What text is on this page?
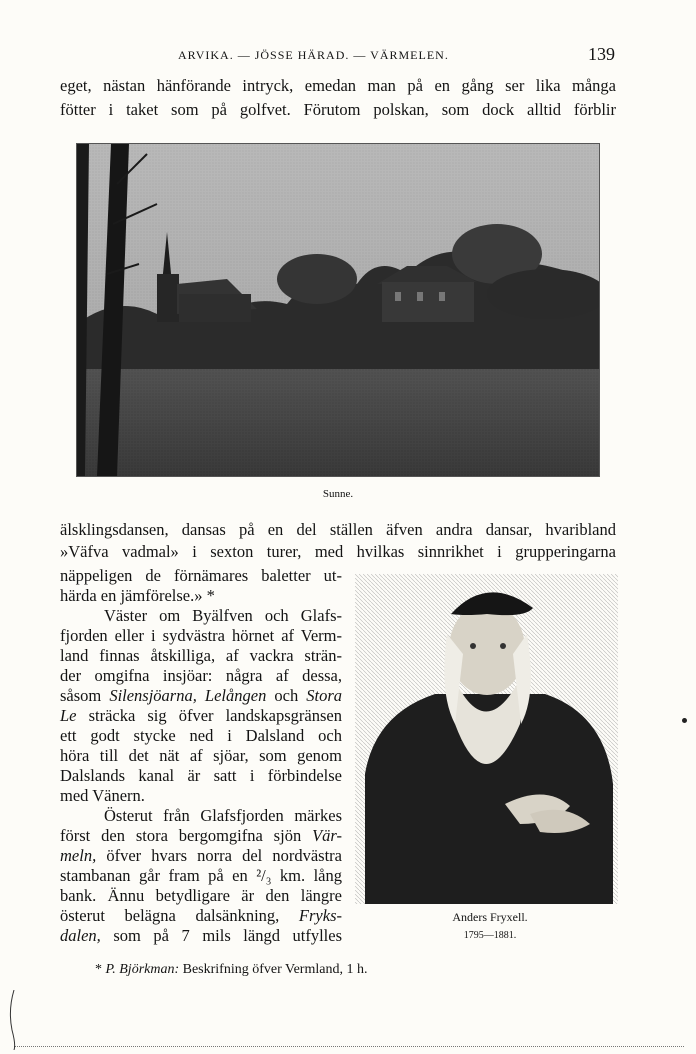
ARVIKA. — JÖSSE HÄRAD. — VÄRMELEN.	139
eget, nästan hänförande intryck, emedan man på en gång ser lika många
fötter i taket som på golfvet. Förutom polskan, som dock alltid förblir
Sunne.
älsklingsdansen, dansas på en del ställen äfven andra dansar, hvaribland
»Väfva vadmal» i sexton turer, med hvilkas sinnrikhet i grupperingarna
näppeligen de förnämares baletter ut-
härda en jämförelse.» *
Väster om Byälfven och Glafs-
fjorden eller i sydvästra hörnet af Verm-
land finnas åtskilliga, af vackra strän-
der omgifna insjöar: några af dessa,
såsom Silensjöarna, Lelången och Stora
Le sträcka sig öfver landskapsgränsen
ett godt stycke ned i Dalsland och
höra till det nät af sjöar, som genom
Dalslands kanal är satt i förbindelse
med Vänern.
Österut från Glafsfjorden märkes
först den stora bergomgifna sjön Vär-
meln, öfver hvars norra del nordvästra
stambanan går fram på en ²/₃ km. lång
bank. Ännu betydligare är den längre
österut belägna dalsänkning, Fryks-
dalen, som på 7 mils längd utfylles
Anders Fryxell.
1795—1881.
* P. Björkman: Beskrifning öfver Vermland, 1 h.
